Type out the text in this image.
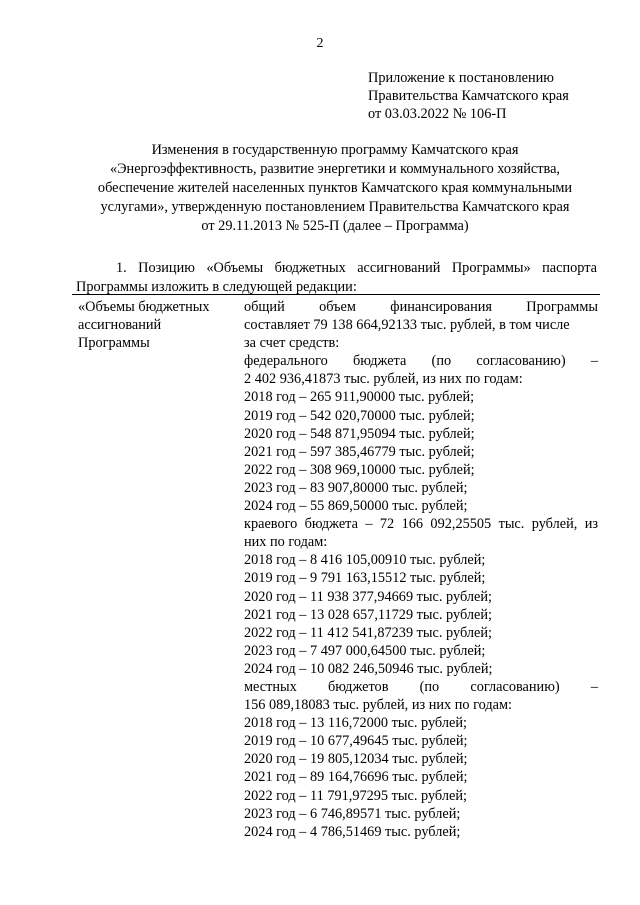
2
Приложение к постановлению
Правительства Камчатского края
от 03.03.2022 № 106-П
Изменения в государственную программу Камчатского края
«Энергоэффективность, развитие энергетики и коммунального хозяйства,
обеспечение жителей населенных пунктов Камчатского края коммунальными
услугами», утвержденную постановлением Правительства Камчатского края
от 29.11.2013 № 525-П (далее – Программа)
1. Позицию «Объемы бюджетных ассигнований Программы» паспорта
Программы изложить в следующей редакции:
«Объемы бюджетных
ассигнований
Программы
общий объем финансирования Программы
составляет 79 138 664,92133 тыс. рублей, в том числе
за счет средств:
федерального бюджета (по согласованию) –
2 402 936,41873 тыс. рублей, из них по годам:
2018 год – 265 911,90000 тыс. рублей;
2019 год – 542 020,70000 тыс. рублей;
2020 год – 548 871,95094 тыс. рублей;
2021 год – 597 385,46779 тыс. рублей;
2022 год – 308 969,10000 тыс. рублей;
2023 год – 83 907,80000 тыс. рублей;
2024 год – 55 869,50000 тыс. рублей;
краевого бюджета – 72 166 092,25505 тыс. рублей, из
них по годам:
2018 год – 8 416 105,00910 тыс. рублей;
2019 год – 9 791 163,15512 тыс. рублей;
2020 год – 11 938 377,94669 тыс. рублей;
2021 год – 13 028 657,11729 тыс. рублей;
2022 год – 11 412 541,87239 тыс. рублей;
2023 год – 7 497 000,64500 тыс. рублей;
2024 год – 10 082 246,50946 тыс. рублей;
местных бюджетов (по согласованию) –
156 089,18083 тыс. рублей, из них по годам:
2018 год – 13 116,72000 тыс. рублей;
2019 год – 10 677,49645 тыс. рублей;
2020 год – 19 805,12034 тыс. рублей;
2021 год – 89 164,76696 тыс. рублей;
2022 год – 11 791,97295 тыс. рублей;
2023 год – 6 746,89571 тыс. рублей;
2024 год – 4 786,51469 тыс. рублей;
